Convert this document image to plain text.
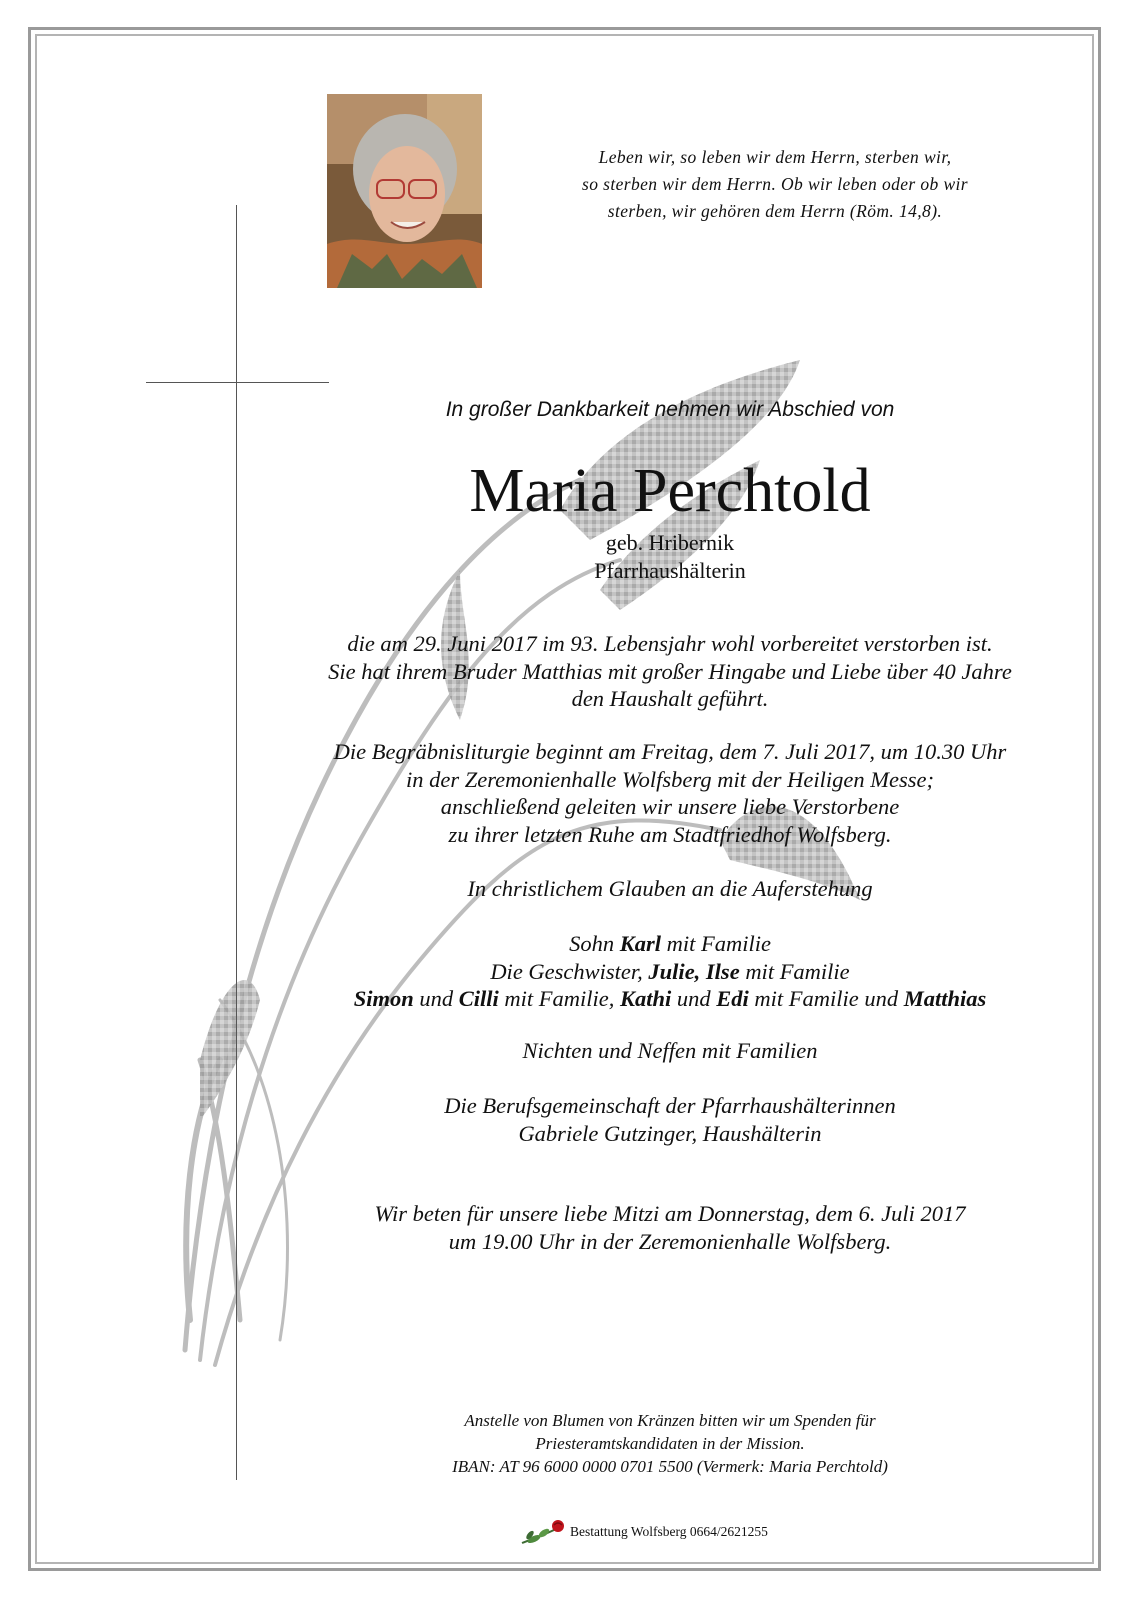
Leben wir, so leben wir dem Herrn, sterben wir,
so sterben wir dem Herrn. Ob wir leben oder ob wir
sterben, wir gehören dem Herrn (Röm. 14,8).
In großer Dankbarkeit nehmen wir Abschied von
Maria Perchtold
geb. Hribernik
Pfarrhaushälterin

die am 29. Juni 2017 im 93. Lebensjahr wohl vorbereitet verstorben ist.

Sie hat ihrem Bruder Matthias mit großer Hingabe und Liebe über 40 Jahre

den Haushalt geführt.

Die Begräbnisliturgie beginnt am Freitag, dem 7. Juli 2017, um 10.30 Uhr

in der Zeremonienhalle Wolfsberg mit der Heiligen Messe;

anschließend geleiten wir unsere liebe Verstorbene

zu ihrer letzten Ruhe am Stadtfriedhof Wolfsberg.

In christlichem Glauben an die Auferstehung

Sohn Karl mit Familie

Die Geschwister, Julie, Ilse mit Familie

Simon und Cilli mit Familie, Kathi und Edi mit Familie und Matthias

Nichten und Neffen mit Familien

Die Berufsgemeinschaft der Pfarrhaushälterinnen

Gabriele Gutzinger, Haushälterin

Wir beten für unsere liebe Mitzi am Donnerstag, dem 6. Juli 2017

um 19.00 Uhr in der Zeremonienhalle Wolfsberg.

Anstelle von Blumen von Kränzen bitten wir um Spenden für
Priesteramtskandidaten in der Mission.
IBAN: AT 96 6000 0000 0701 5500 (Vermerk: Maria Perchtold)
Bestattung Wolfsberg 0664/2621255
